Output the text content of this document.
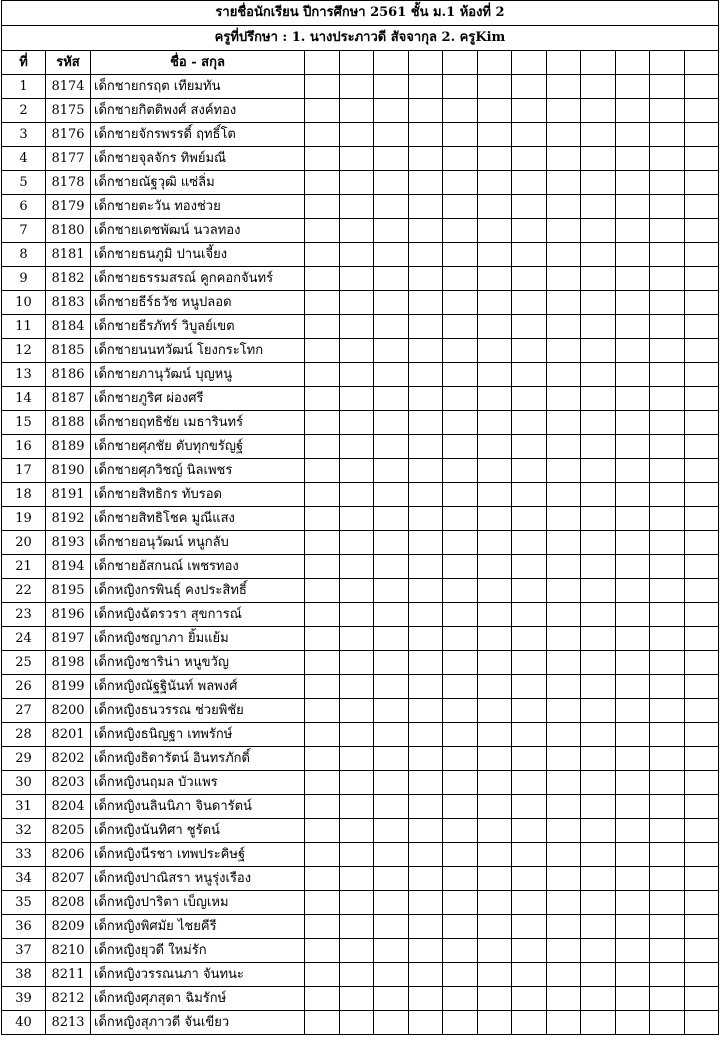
รายชื่อนักเรียน ปีการศึกษา 2561 ชั้น ม.1 ห้องที่ 2														
ครูที่ปรึกษา : 1. นางประภาวดี สัจจากุล 2. ครูKim														
ที่	รหัส	ชื่อ - สกุล												
1	8174	เด็กชายกรฤต เทียมทัน												
2	8175	เด็กชายกิตติพงศ์ สงค์ทอง												
3	8176	เด็กชายจักรพรรดิ์ ฤทธิ์โต												
4	8177	เด็กชายจุลจักร ทิพย์มณี												
5	8178	เด็กชายณัฐวุฒิ แซ่ลิ่ม												
6	8179	เด็กชายตะวัน ทองช่วย												
7	8180	เด็กชายเตชพัฒน์ นวลทอง												
8	8181	เด็กชายธนภูมิ ปานเจี้ยง												
9	8182	เด็กชายธรรมสรณ์ คูกคอกจันทร์												
10	8183	เด็กชายธีร์ธวัช หนูปลอด												
11	8184	เด็กชายธีรภัทร์ วิบูลย์เขต												
12	8185	เด็กชายนนทวัฒน์ โยงกระโทก												
13	8186	เด็กชายภานุวัฒน์ บุญหนู												
14	8187	เด็กชายภูริศ ผ่องศรี												
15	8188	เด็กชายฤทธิชัย เมธารินทร์												
16	8189	เด็กชายศุภชัย ตับทุกขรัญฐ์												
17	8190	เด็กชายศุภวิชญ์ นิลเพชร												
18	8191	เด็กชายสิทธิกร ทับรอด												
19	8192	เด็กชายสิทธิโชค มูณีแสง												
20	8193	เด็กชายอนุวัฒน์ หนูกลับ												
21	8194	เด็กชายอัสกนณ์ เพชรทอง												
22	8195	เด็กหญิงกรพินธุ์ คงประสิทธิ์												
23	8196	เด็กหญิงฉัตรวรา สุขการณ์												
24	8197	เด็กหญิงชญาภา ยิ้มแย้ม												
25	8198	เด็กหญิงชาริน่า หนูขวัญ												
26	8199	เด็กหญิงณัฐฐินันท์ พลพงศ์												
27	8200	เด็กหญิงธนวรรณ ช่วยพิชัย												
28	8201	เด็กหญิงธนิญฐา เทพรักษ์												
29	8202	เด็กหญิงธิดารัตน์ อินทรภักดิ์												
30	8203	เด็กหญิงนฤมล บัวแพร												
31	8204	เด็กหญิงนลินนิภา จินดารัตน์												
32	8205	เด็กหญิงนันทิศา ชูรัตน์												
33	8206	เด็กหญิงนีรชา เทพประคิษฐ์												
34	8207	เด็กหญิงปาณิสรา หนูรุ่งเรือง												
35	8208	เด็กหญิงปาริตา เบ็ญเหม												
36	8209	เด็กหญิงพิศมัย ไชยคีรี												
37	8210	เด็กหญิงยุวดี ใหม่รัก												
38	8211	เด็กหญิงวรรณนภา จันทนะ												
39	8212	เด็กหญิงศุภสุดา ฉิมรักษ์												
40	8213	เด็กหญิงสุภาวดี จันเขียว												
